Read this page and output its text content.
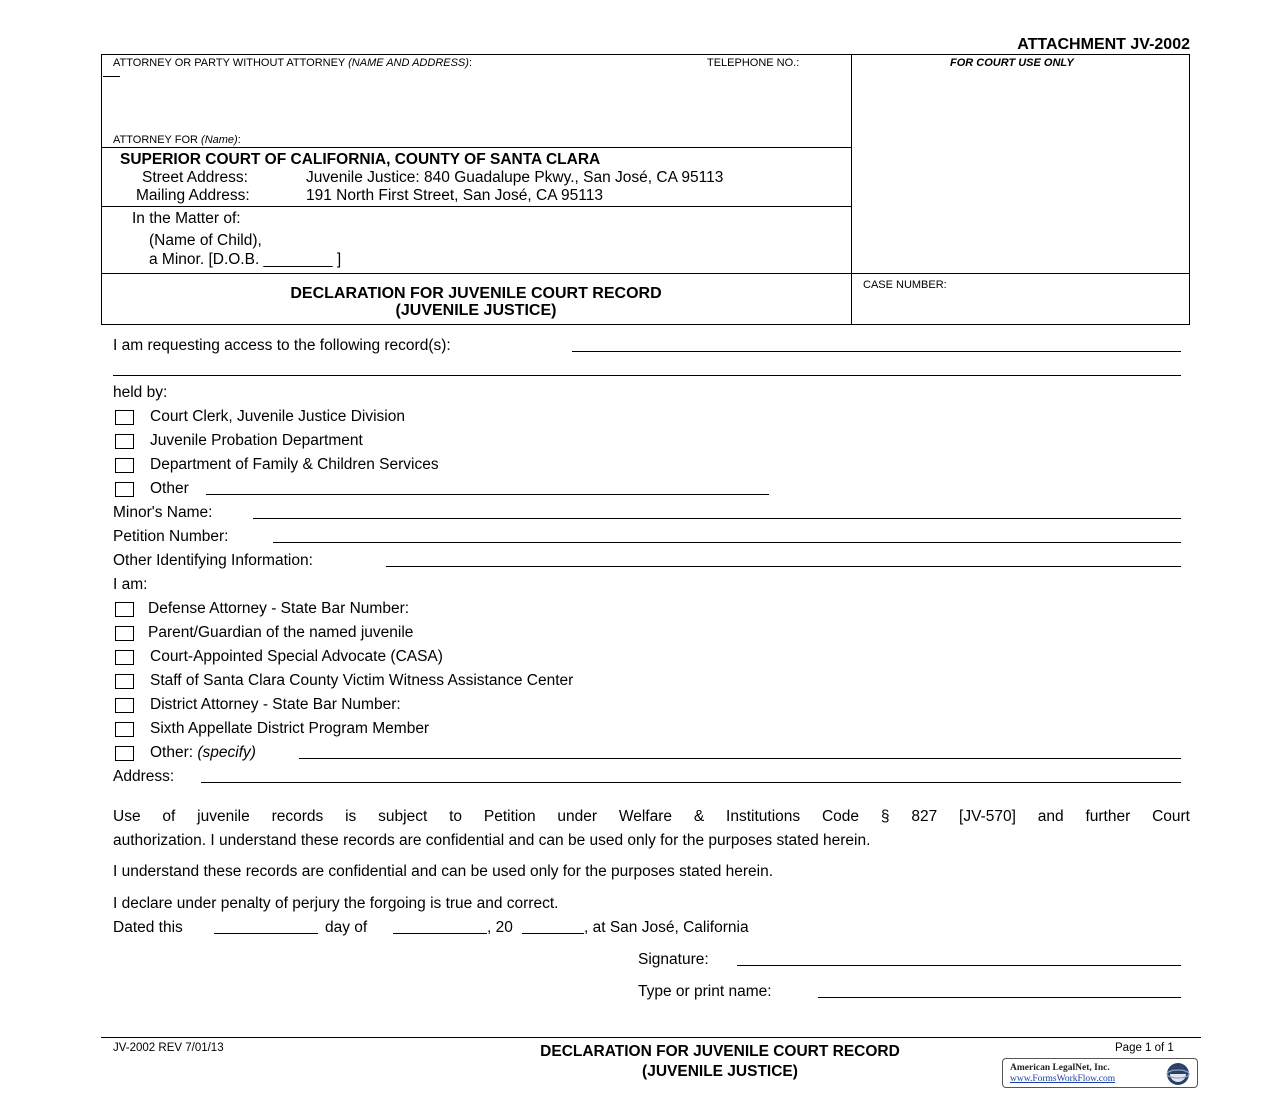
ATTACHMENT JV-2002
ATTORNEY OR PARTY WITHOUT ATTORNEY (NAME AND ADDRESS):	TELEPHONE NO.:	FOR COURT USE ONLY
ATTORNEY FOR (Name):
SUPERIOR COURT OF CALIFORNIA, COUNTY OF SANTA CLARA
Street Address:	Juvenile Justice: 840 Guadalupe Pkwy., San José, CA 95113
Mailing Address:	191 North First Street, San José, CA 95113
In the Matter of:
(Name of Child),
a Minor. [D.O.B. ________ ]
CASE NUMBER:
DECLARATION FOR JUVENILE COURT RECORD
(JUVENILE JUSTICE)
I am requesting access to the following record(s):
held by:
Court Clerk, Juvenile Justice Division
Juvenile Probation Department
Department of Family & Children Services
Other
Minor's Name:
Petition Number:
Other Identifying Information:
I am:
Defense Attorney - State Bar Number:
Parent/Guardian of the named juvenile
Court-Appointed Special Advocate (CASA)
Staff of Santa Clara County Victim Witness Assistance Center
District Attorney - State Bar Number:
Sixth Appellate District Program Member
Other: (specify)
Address:
Use of juvenile records is subject to Petition under Welfare & Institutions Code § 827 [JV-570] and further Court
authorization. I understand these records are confidential and can be used only for the purposes stated herein.
I understand these records are confidential and can be used only for the purposes stated herein.
I declare under penalty of perjury the forgoing is true and correct.
Dated this	day of	, 20	, at San José, California
Signature:
Type or print name:
JV-2002 REV 7/01/13	DECLARATION FOR JUVENILE COURT RECORD
(JUVENILE JUSTICE)
Page 1 of 1
American LegalNet, Inc.
www.FormsWorkFlow.com
